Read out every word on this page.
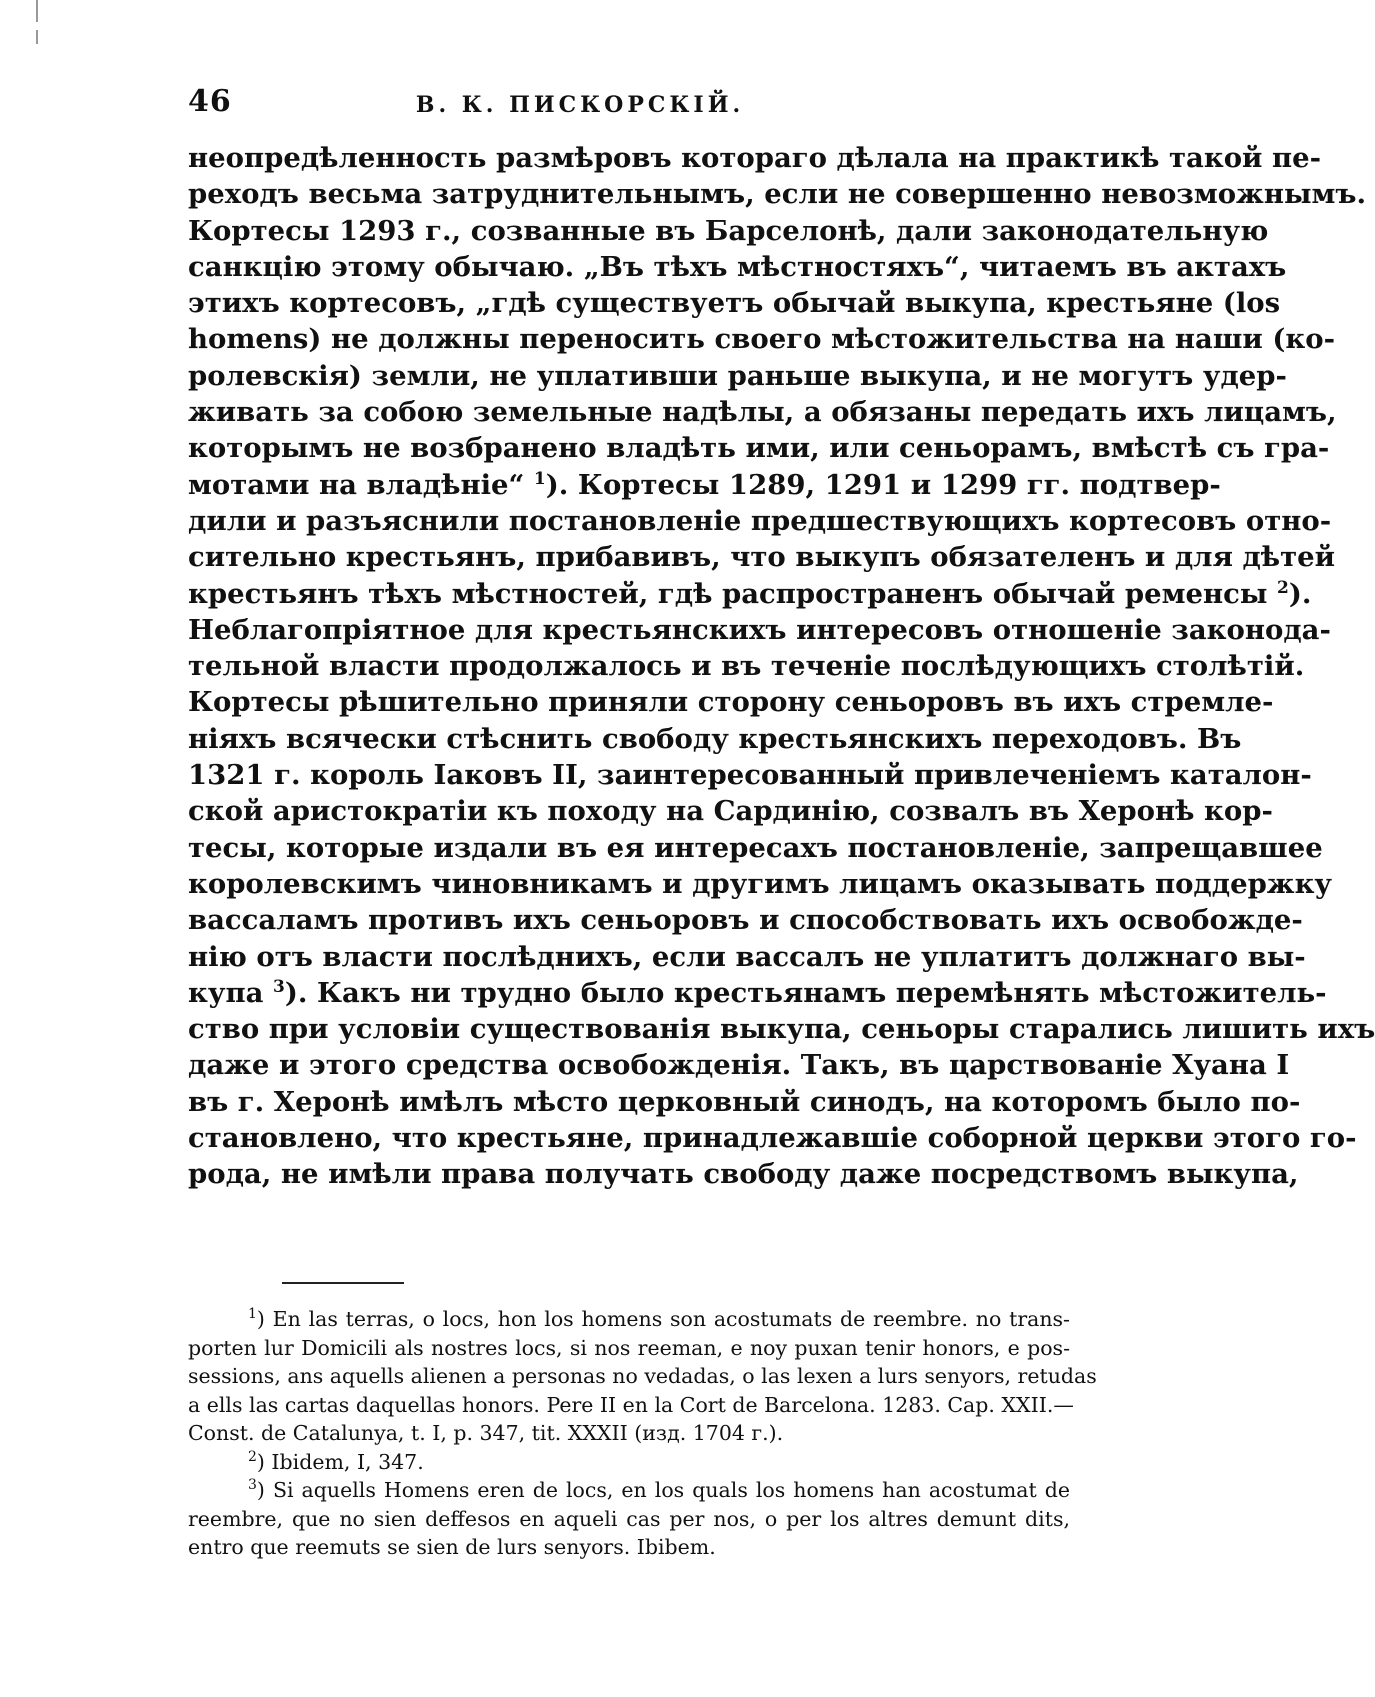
46	В. К. ПИСКОРСКІЙ.
неопредѣленность размѣровъ котораго дѣлала на практикѣ такой пе-
реходъ весьма затруднительнымъ, если не совершенно невозможнымъ.
Кортесы 1293 г., созванные въ Барселонѣ, дали законодательную
санкцію этому обычаю. „Въ тѣхъ мѣстностяхъ“, читаемъ въ актахъ
этихъ кортесовъ, „гдѣ существуетъ обычай выкупа, крестьяне (los
homens) не должны переносить своего мѣстожительства на наши (ко-
ролевскія) земли, не уплативши раньше выкупа, и не могутъ удер-
живать за собою земельные надѣлы, а обязаны передать ихъ лицамъ,
которымъ не возбранено владѣть ими, или сеньорамъ, вмѣстѣ съ гра-
мотами на владѣніе“ $^1$). Кортесы 1289, 1291 и 1299 гг. подтвер-
дили и разъяснили постановленіе предшествующихъ кортесовъ отно-
сительно крестьянъ, прибавивъ, что выкупъ обязателенъ и для дѣтей
крестьянъ тѣхъ мѣстностей, гдѣ распространенъ обычай ременсы $^2$).
Неблагопріятное для крестьянскихъ интересовъ отношеніе законода-
тельной власти продолжалось и въ теченіе послѣдующихъ столѣтій.
Кортесы рѣшительно приняли сторону сеньоровъ въ ихъ стремле-
ніяхъ всячески стѣснить свободу крестьянскихъ переходовъ. Въ
1321 г. король Іаковъ II, заинтересованный привлеченіемъ каталон-
ской аристократіи къ походу на Сардинію, созвалъ въ Херонѣ кор-
тесы, которые издали въ ея интересахъ постановленіе, запрещавшее
королевскимъ чиновникамъ и другимъ лицамъ оказывать поддержку
вассаламъ противъ ихъ сеньоровъ и способствовать ихъ освобожде-
нію отъ власти послѣднихъ, если вассалъ не уплатитъ должнаго вы-
купа $^3$). Какъ ни трудно было крестьянамъ перемѣнять мѣстожитель-
ство при условіи существованія выкупа, сеньоры старались лишить ихъ
даже и этого средства освобожденія. Такъ, въ царствованіе Хуана I
въ г. Херонѣ имѣлъ мѣсто церковный синодъ, на которомъ было по-
становлено, что крестьяне, принадлежавшіе соборной церкви этого го-
рода, не имѣли права получать свободу даже посредствомъ выкупа,
$^1$) En las terras, o locs, hon los homens son acostumats de reembre. no trans-
porten lur Domicili als nostres locs, si nos reeman, e noy puxan tenir honors, e pos-
sessions, ans aquells alienen a personas no vedadas, o las lexen a lurs senyors, retudas
a ells las cartas daquellas honors. Pere II en la Cort de Barcelona. 1283. Cap. XXII.—
Const. de Catalunya, t. I, p. 347, tit. XXXII (изд. 1704 г.).
$^2$) Ibidem, I, 347.
$^3$) Si aquells Homens eren de locs, en los quals los homens han acostumat de
reembre, que no sien deffesos en aqueli cas per nos, o per los altres demunt dits,
entro que reemuts se sien de lurs senyors. Ibibem.
